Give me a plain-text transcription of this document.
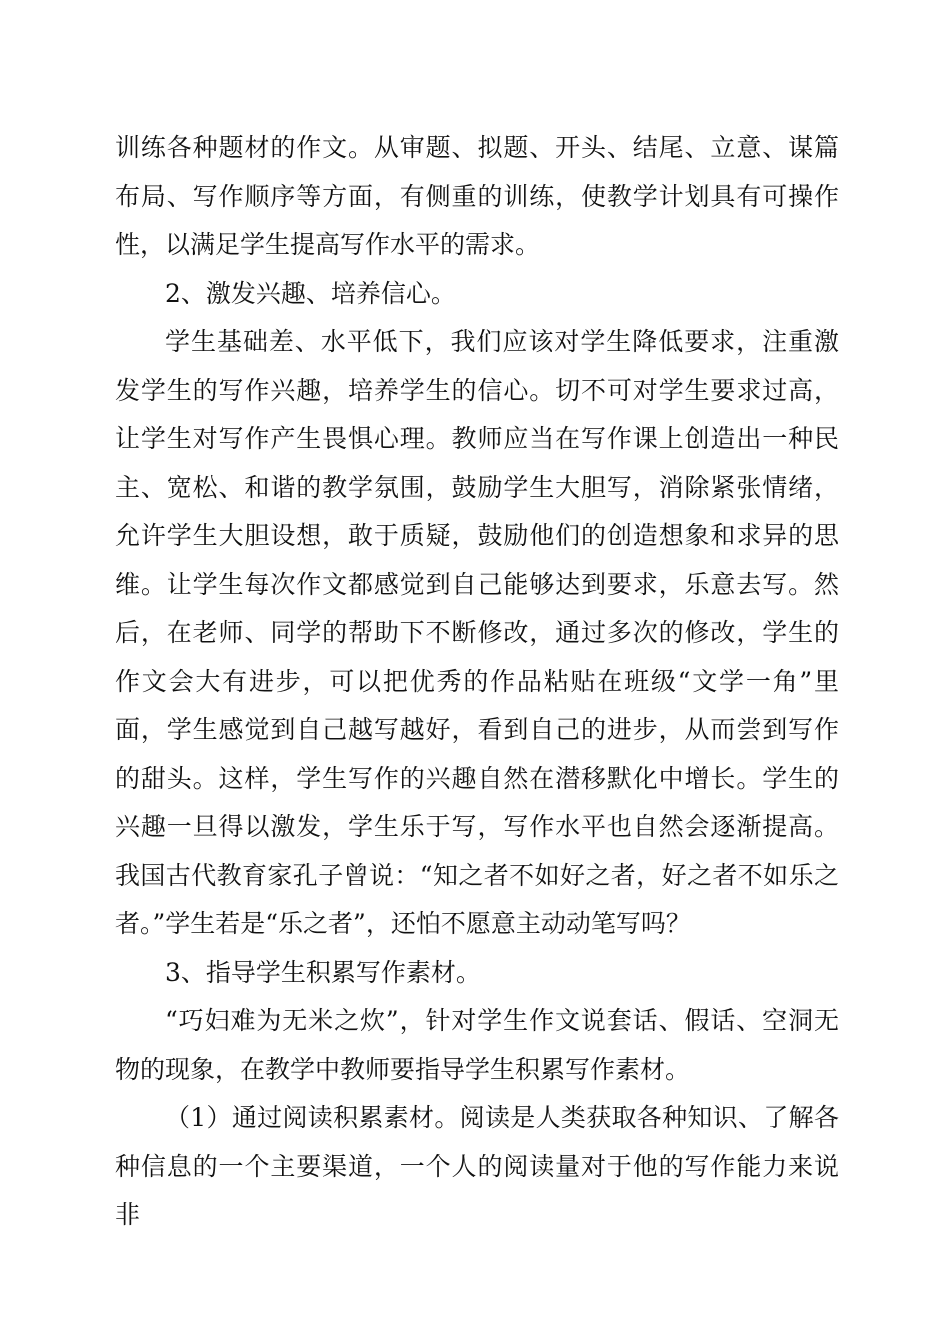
训练各种题材的作文。从审题、拟题、开头、结尾、立意、谋篇布局、写作顺序等方面，有侧重的训练，使教学计划具有可操作性，以满足学生提高写作水平的需求。

2、激发兴趣、培养信心。

学生基础差、水平低下，我们应该对学生降低要求，注重激发学生的写作兴趣，培养学生的信心。切不可对学生要求过高，让学生对写作产生畏惧心理。教师应当在写作课上创造出一种民主、宽松、和谐的教学氛围，鼓励学生大胆写，消除紧张情绪，允许学生大胆设想，敢于质疑，鼓励他们的创造想象和求异的思维。让学生每次作文都感觉到自己能够达到要求，乐意去写。然后，在老师、同学的帮助下不断修改，通过多次的修改，学生的作文会大有进步，可以把优秀的作品粘贴在班级“文学一角”里面，学生感觉到自己越写越好，看到自己的进步，从而尝到写作的甜头。这样，学生写作的兴趣自然在潜移默化中增长。学生的兴趣一旦得以激发，学生乐于写，写作水平也自然会逐渐提高。我国古代教育家孔子曾说：“知之者不如好之者，好之者不如乐之者。”学生若是“乐之者”，还怕不愿意主动动笔写吗？

3、指导学生积累写作素材。

“巧妇难为无米之炊”，针对学生作文说套话、假话、空洞无物的现象，在教学中教师要指导学生积累写作素材。

（1）通过阅读积累素材。阅读是人类获取各种知识、了解各种信息的一个主要渠道，一个人的阅读量对于他的写作能力来说非
